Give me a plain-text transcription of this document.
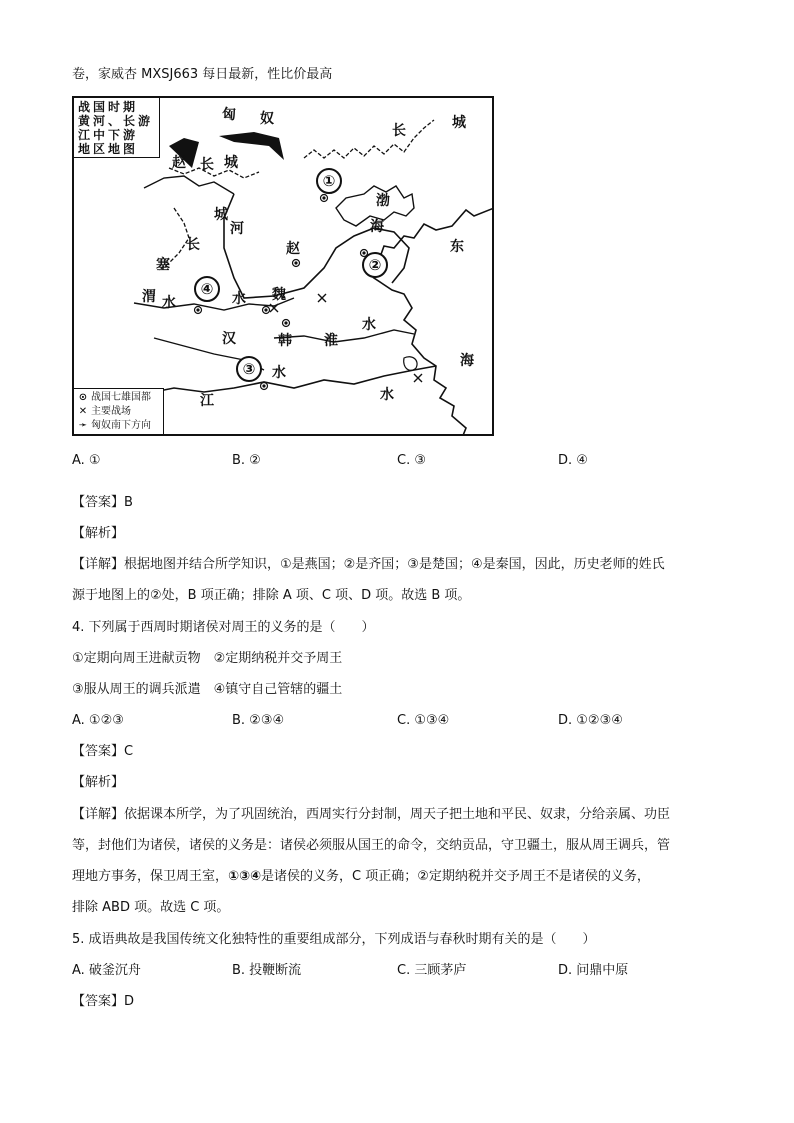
卷，家威杏 MXSJ663 每日最新，性比价最高
战国时期
黄河、长游
江中下游
地区地图
匈 奴
长	城
赵 长 城
城
河
长
塞
渤
海
赵	东
海
渭 水	水 魏
韩 淮
水
汉
水
江	水
①
②
③
④
⊙ 战国七雄国都
✕ 主要战场
➛ 匈奴南下方向
A. ①	B. ②	C. ③	D. ④
【答案】B
【解析】
【详解】根据地图并结合所学知识，①是燕国；②是齐国；③是楚国；④是秦国，因此，历史老师的姓氏
源于地图上的②处，B 项正确；排除 A 项、C 项、D 项。故选 B 项。
4. 下列属于西周时期诸侯对周王的义务的是（　　）
①定期向周王进献贡物　②定期纳税并交予周王
③服从周王的调兵派遣　④镇守自己管辖的疆土
A. ①②③	B. ②③④	C. ①③④	D. ①②③④
【答案】C
【解析】
【详解】依据课本所学，为了巩固统治，西周实行分封制，周天子把土地和平民、奴隶，分给亲属、功臣
等，封他们为诸侯，诸侯的义务是：诸侯必须服从国王的命令，交纳贡品，守卫疆土，服从周王调兵，管
理地方事务，保卫周王室，①③④是诸侯的义务，C 项正确；②定期纳税并交予周王不是诸侯的义务，
排除 ABD 项。故选 C 项。
5. 成语典故是我国传统文化独特性的重要组成部分，下列成语与春秋时期有关的是（　　）
A. 破釜沉舟	B. 投鞭断流	C. 三顾茅庐	D. 问鼎中原
【答案】D
